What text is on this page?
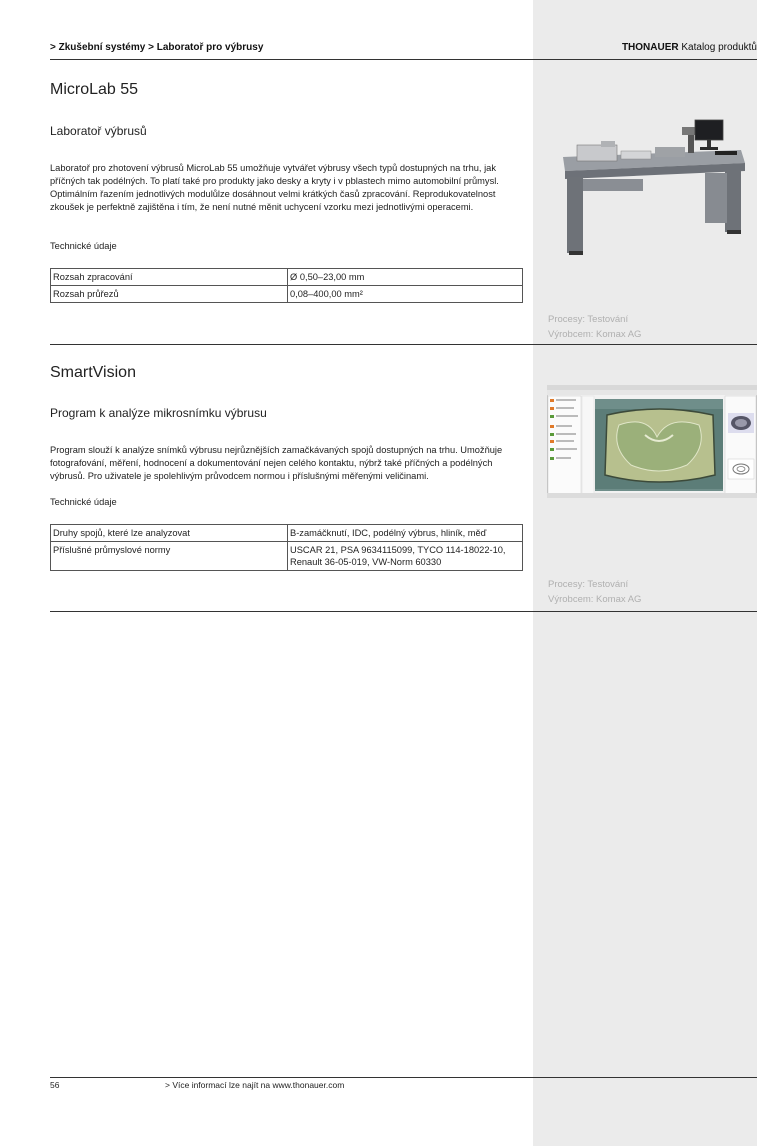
> Zkušební systémy > Laboratoř pro výbrusy	THONAUER Katalog produktů
MicroLab 55
Laboratoř výbrusů
Laboratoř pro zhotovení výbrusů MicroLab 55 umožňuje vytvářet výbrusy všech typů dostupných na trhu, jak příčných tak podélných. To platí také pro produkty jako desky a kryty i v pblastech mimo automobilní průmysl. Optimálním řazením jednotlivých modulůlze dosáhnout velmi krátkých časů zpracování. Reprodukovatelnost zkoušek je perfektně zajištěna i tím, že není nutné měnit uchycení vzorku mezi jednotlivými operacemi.
Technické údaje
Rozsah zpracování	Ø 0,50–23,00 mm
Rozsah průřezů	0,08–400,00 mm²
Procesy: Testování
Výrobcem: Komax AG
SmartVision
Program k analýze mikrosnímku výbrusu
Program slouží k analýze snímků výbrusu nejrůznějších zamačkávaných spojů dostupných na trhu. Umožňuje fotografování, měření, hodnocení a dokumentování nejen celého kontaktu, nýbrž také příčných a podélných výbrusů. Pro uživatele je spolehlivým průvodcem normou i příslušnými měřenými veličinami.
Technické údaje
Druhy spojů, které lze analyzovat	B-zamáčknutí, IDC, podélný výbrus, hliník, měď
Příslušné průmyslové normy	USCAR 21, PSA 9634115099, TYCO 114-18022-10, Renault 36-05-019, VW-Norm 60330
Procesy: Testování
Výrobcem: Komax AG
56	> Více informací lze najít na www.thonauer.com
